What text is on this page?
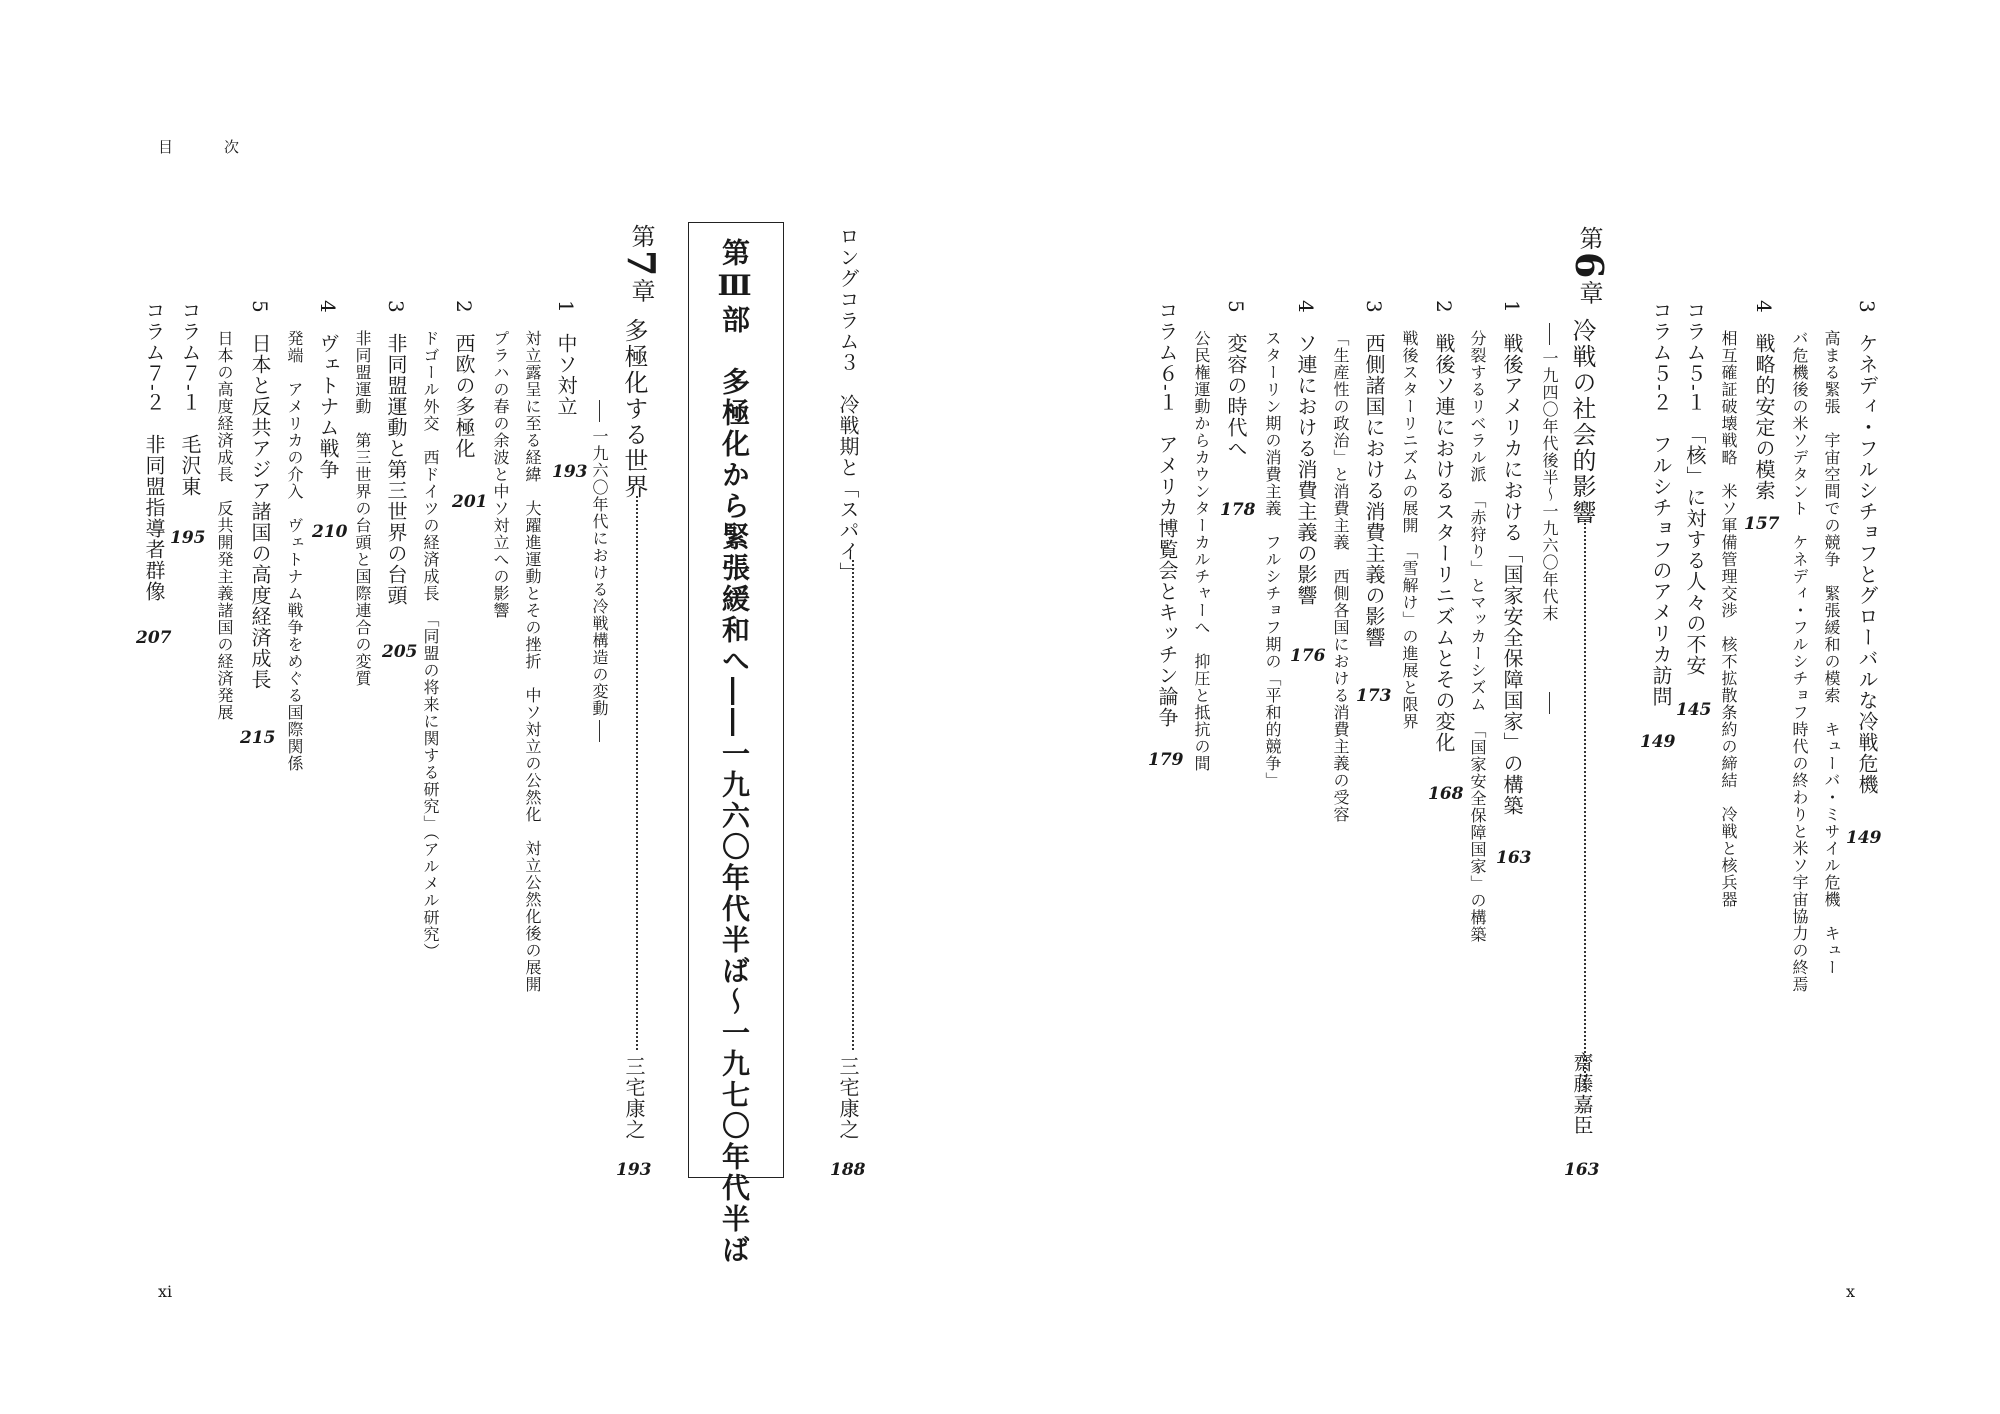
目　次
xi	x
3
ケネディ・フルシチョフとグローバルな冷戦危機
149
高まる緊張　宇宙空間での競争　緊張緩和の模索　キューバ・ミサイル危機　キュー
バ危機後の米ソデタント　ケネディ・フルシチョフ時代の終わりと米ソ宇宙協力の終焉
4
戦略的安定の模索
157
相互確証破壊戦略　米ソ軍備管理交渉　核不拡散条約の締結　冷戦と核兵器
コラム５-１　「核」に対する人々の不安
145
コラム５-２　フルシチョフのアメリカ訪問
149
第6章
冷戦の社会的影響
齋藤嘉臣
163
一九四〇年代後半～一九六〇年代末
1
戦後アメリカにおける「国家安全保障国家」の構築
163
分裂するリベラル派　「赤狩り」とマッカーシズム　「国家安全保障国家」の構築
2
戦後ソ連におけるスターリニズムとその変化
168
戦後スターリニズムの展開　「雪解け」の進展と限界
3
西側諸国における消費主義の影響
173
「生産性の政治」と消費主義　西側各国における消費主義の受容
4
ソ連における消費主義の影響
176
スターリン期の消費主義　フルシチョフ期の「平和的競争」
5
変容の時代へ
178
公民権運動からカウンターカルチャーへ　抑圧と抵抗の間
コラム６-１　アメリカ博覧会とキッチン論争
179
ロングコラム３　冷戦期と「スパイ」
三宅康之
188
第Ⅲ部　多極化から緊張緩和へ――一九六〇年代半ば～一九七〇年代半ば
第7章
多極化する世界
三宅康之
193
一九六〇年代における冷戦構造の変動
1
中ソ対立
193
対立露呈に至る経緯　大躍進運動とその挫折　中ソ対立の公然化　対立公然化後の展開
プラハの春の余波と中ソ対立への影響
2
西欧の多極化
201
ドゴール外交　西ドイツの経済成長　「同盟の将来に関する研究」（アルメル研究）
3
非同盟運動と第三世界の台頭
205
非同盟運動　第三世界の台頭と国際連合の変質
4
ヴェトナム戦争
210
発端　アメリカの介入　ヴェトナム戦争をめぐる国際関係
5
日本と反共アジア諸国の高度経済成長
215
日本の高度経済成長　反共開発主義諸国の経済発展
コラム７-１　毛沢東
195
コラム７-２　非同盟指導者群像
207
